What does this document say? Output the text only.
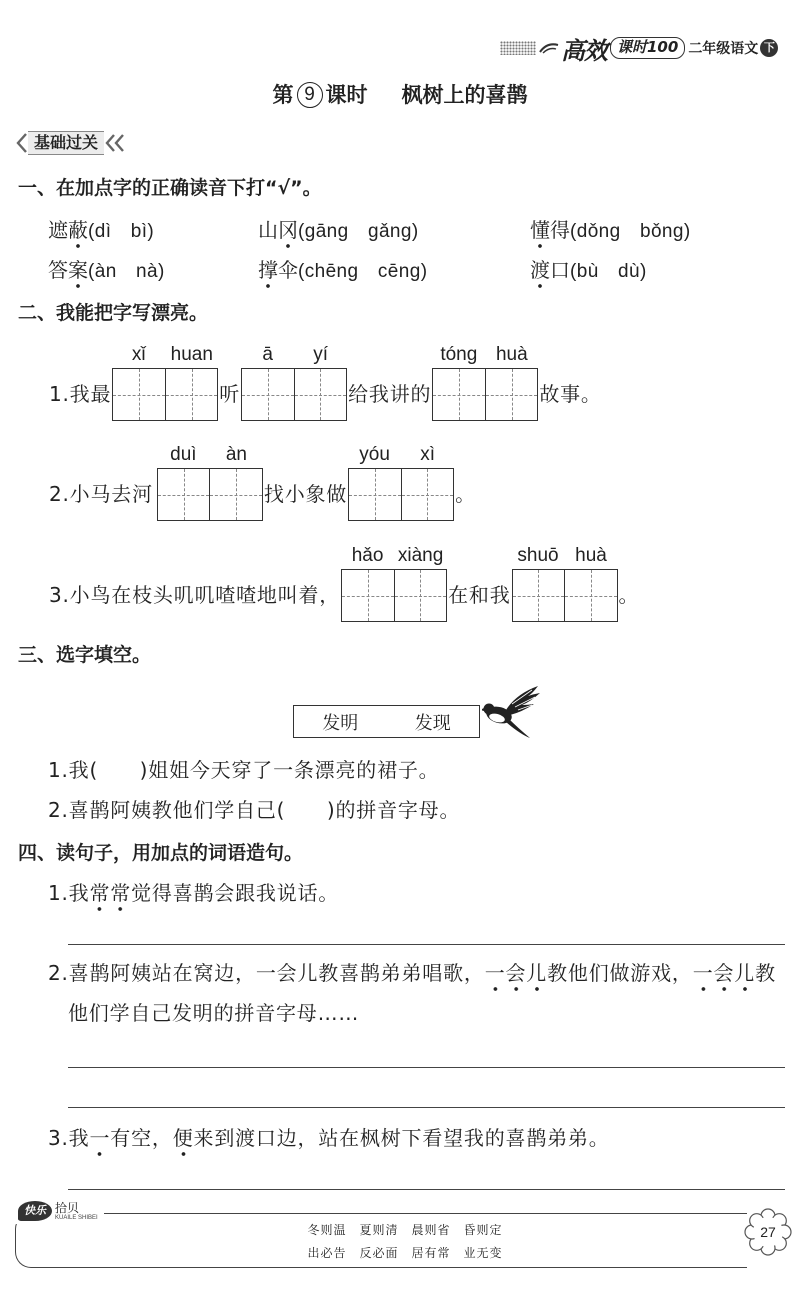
高效 课时100 二年级语文 下
第 9 课时 枫树上的喜鹊
基础过关
一、在加点字的正确读音下打“√”。
遮蔽(dì　bì)	山冈(gāng　gǎng)	懂得(dǒng　bǒng)
答案(àn　nà)	撑伞(chēng　cēng)	渡口(bù　dù)
二、我能把字写漂亮。
1.我最
xǐ	huan
听
ā	yí
给我讲的
tóng huà
故事。
2.小马去河
duì	àn
找小象做
yóu	xì
。
3.小鸟在枝头叽叽喳喳地叫着，
hǎo xiàng
在和我
shuō huà
。
三、选字填空。
发明	发现
1.我(　　)姐姐今天穿了一条漂亮的裙子。
2.喜鹊阿姨教他们学自己(　　)的拼音字母。
四、读句子，用加点的词语造句。
1.我常常觉得喜鹊会跟我说话。
2.喜鹊阿姨站在窝边，一会儿教喜鹊弟弟唱歌，一会儿教他们做游戏，一会儿教
他们学自己发明的拼音字母……
3.我一有空，便来到渡口边，站在枫树下看望我的喜鹊弟弟。
快乐 拾贝
KUAILE SHIBEI
冬则温　夏则清　晨则省　昏则定
出必告　反必面　居有常　业无变
27
